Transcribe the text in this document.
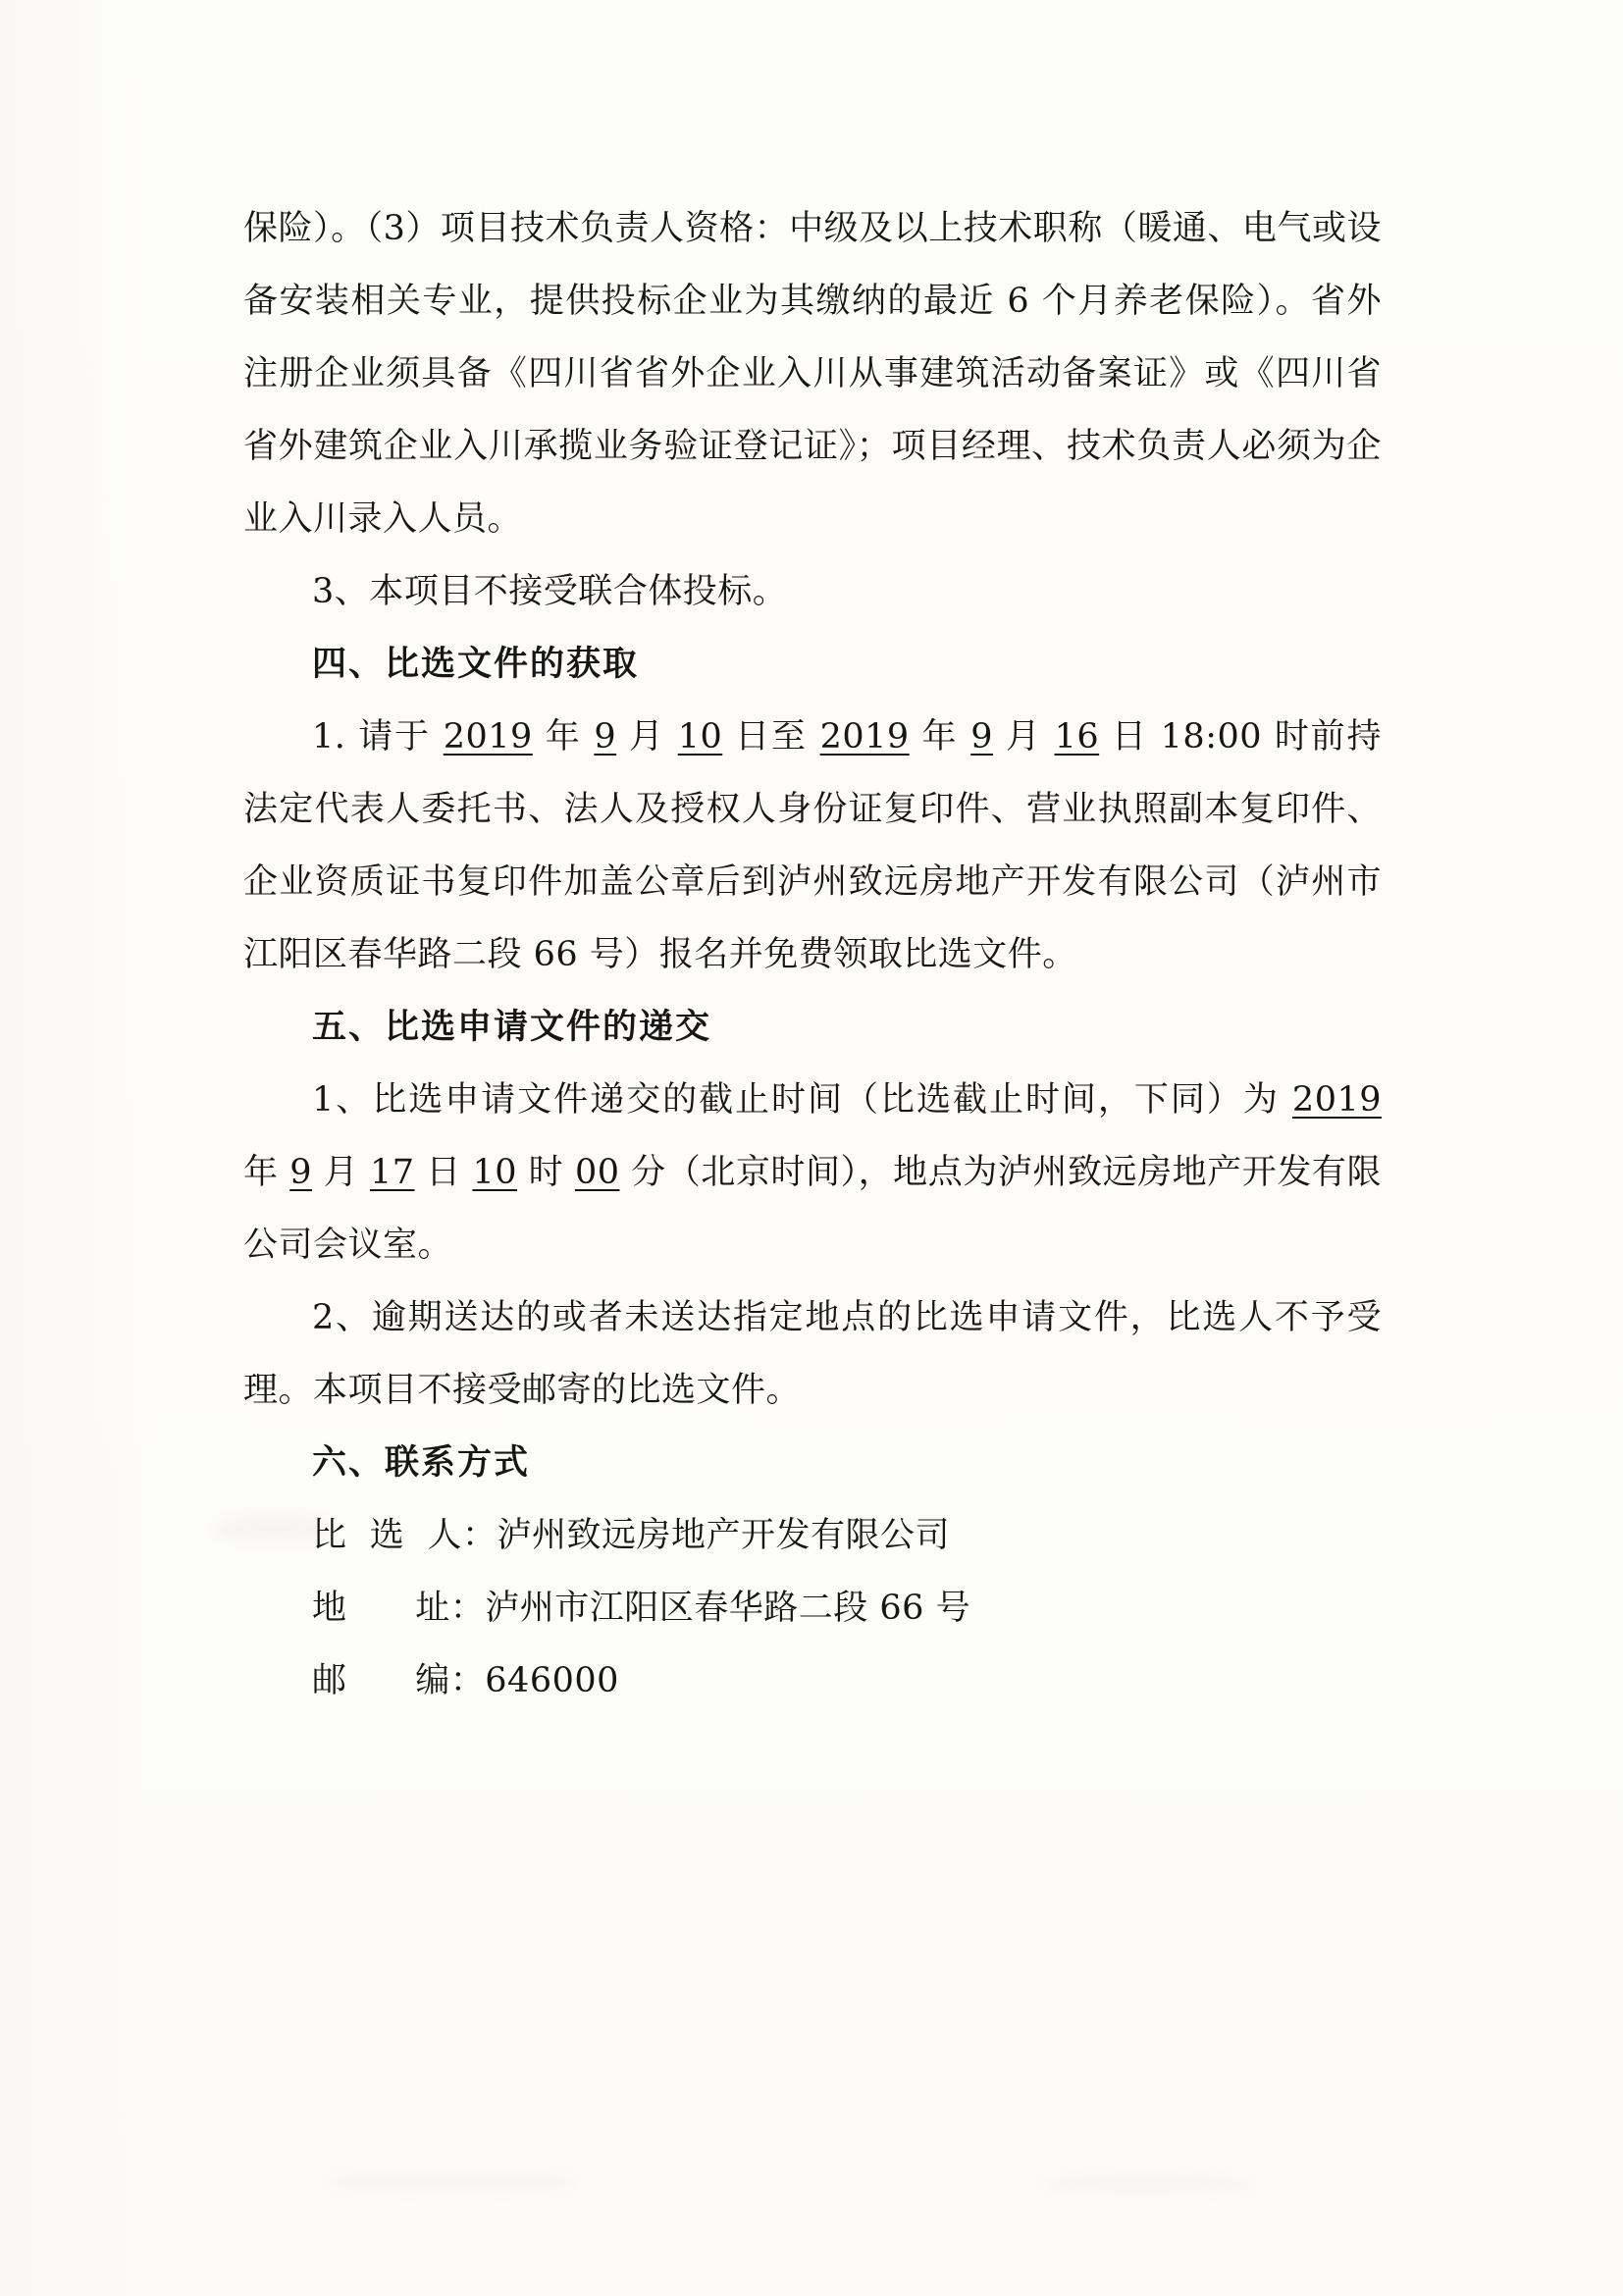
保险）。（3）项目技术负责人资格：中级及以上技术职称（暖通、电气或设备安装相关专业，提供投标企业为其缴纳的最近 6 个月养老保险）。省外注册企业须具备《四川省省外企业入川从事建筑活动备案证》或《四川省省外建筑企业入川承揽业务验证登记证》；项目经理、技术负责人必须为企业入川录入人员。

3、本项目不接受联合体投标。

四、比选文件的获取

1. 请于 2019 年 9 月 10 日至 2019 年 9 月 16 日 18:00 时前持法定代表人委托书、法人及授权人身份证复印件、营业执照副本复印件、企业资质证书复印件加盖公章后到泸州致远房地产开发有限公司（泸州市江阳区春华路二段 66 号）报名并免费领取比选文件。

五、比选申请文件的递交

1、比选申请文件递交的截止时间（比选截止时间，下同）为 2019 年 9 月 17 日 10 时 00 分（北京时间），地点为泸州致远房地产开发有限公司会议室。

2、逾期送达的或者未送达指定地点的比选申请文件，比选人不予受理。本项目不接受邮寄的比选文件。

六、联系方式

比  选  人：泸州致远房地产开发有限公司

地      址：泸州市江阳区春华路二段 66 号

邮      编：646000
